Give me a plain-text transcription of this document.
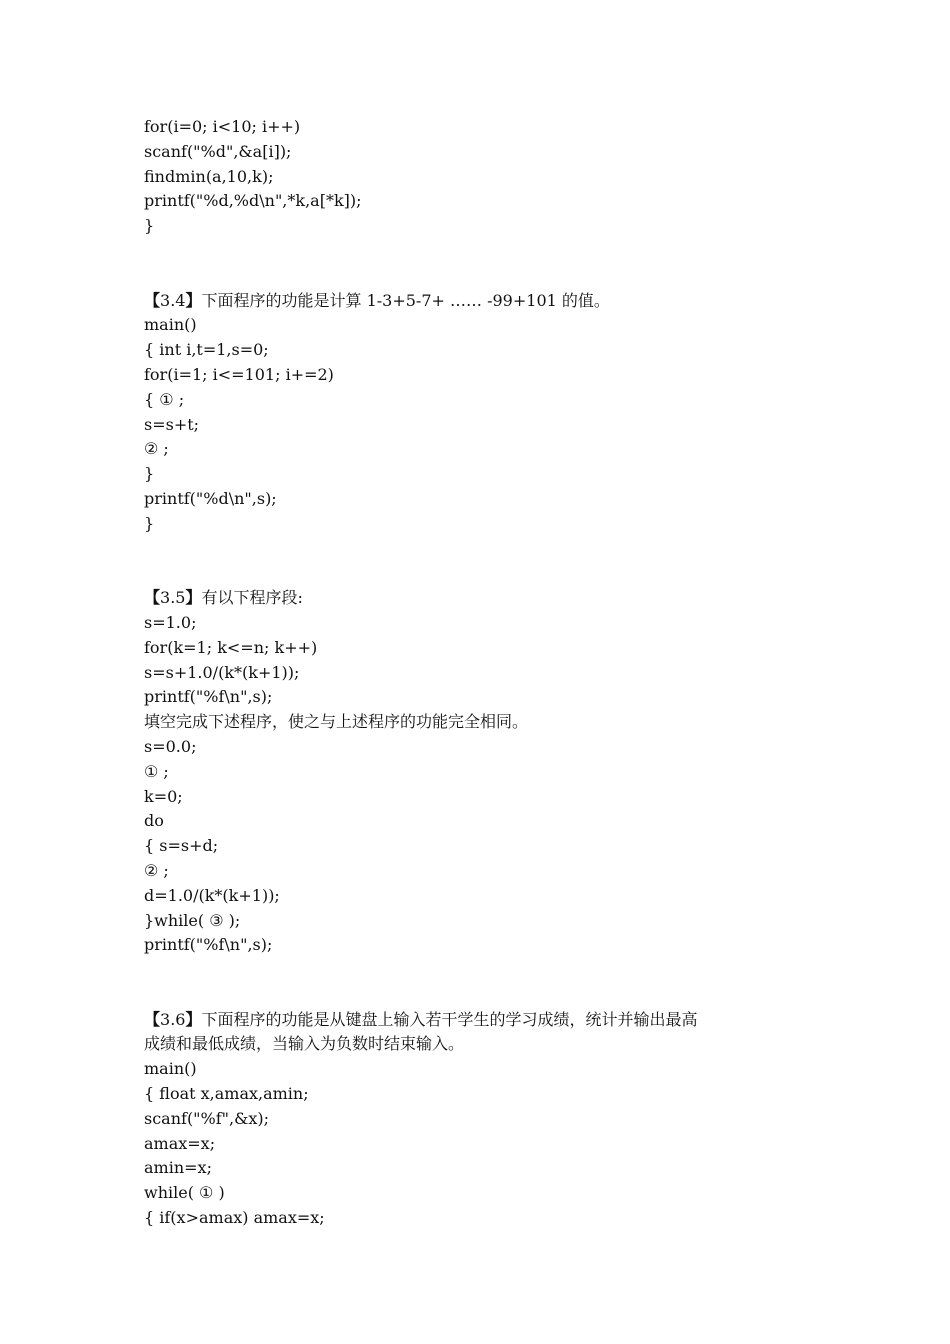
for(i=0; i<10; i++)
scanf("%d",&a[i]);
findmin(a,10,k);
printf("%d,%d\n",*k,a[*k]);
}
【3.4】下面程序的功能是计算 1-3+5-7+ …… -99+101 的值。
main()
{ int i,t=1,s=0;
for(i=1; i<=101; i+=2)
{ ① ;
s=s+t;
② ;
}
printf("%d\n",s);
}
【3.5】有以下程序段:
s=1.0;
for(k=1; k<=n; k++)
s=s+1.0/(k*(k+1));
printf("%f\n",s);
填空完成下述程序，使之与上述程序的功能完全相同。
s=0.0;
① ;
k=0;
do
{ s=s+d;
② ;
d=1.0/(k*(k+1));
}while( ③ );
printf("%f\n",s);
【3.6】下面程序的功能是从键盘上输入若干学生的学习成绩，统计并输出最高
成绩和最低成绩，当输入为负数时结束输入。
main()
{ float x,amax,amin;
scanf("%f",&x);
amax=x;
amin=x;
while( ① )
{ if(x>amax) amax=x;
